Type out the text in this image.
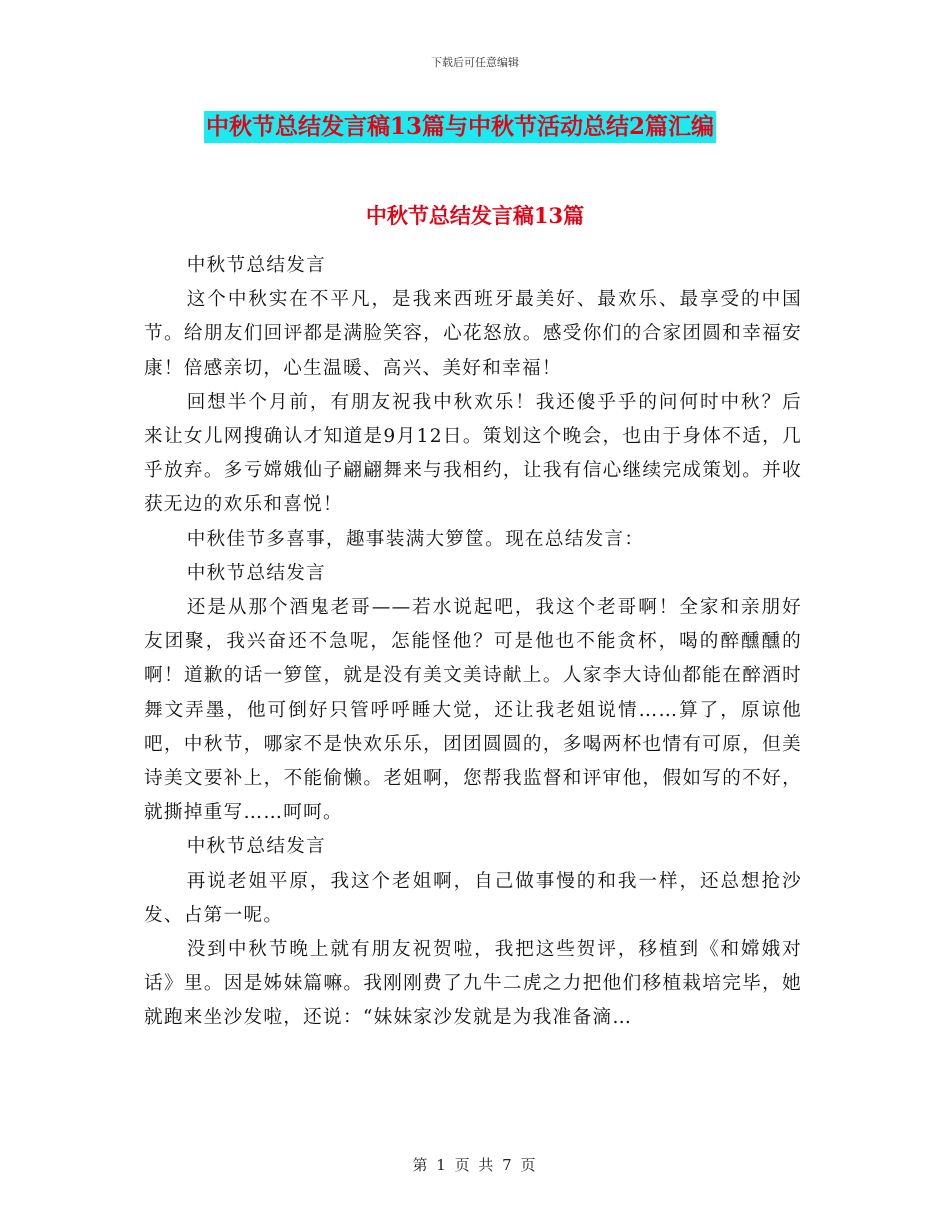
下载后可任意编辑
中秋节总结发言稿13篇与中秋节活动总结2篇汇编
中秋节总结发言稿13篇

中秋节总结发言

这个中秋实在不平凡，是我来西班牙最美好、最欢乐、最享受的中国节。给朋友们回评都是满脸笑容，心花怒放。感受你们的合家团圆和幸福安康！倍感亲切，心生温暖、高兴、美好和幸福！

回想半个月前，有朋友祝我中秋欢乐！我还傻乎乎的问何时中秋？后来让女儿网搜确认才知道是9月12日。策划这个晚会，也由于身体不适，几乎放弃。多亏嫦娥仙子翩翩舞来与我相约，让我有信心继续完成策划。并收获无边的欢乐和喜悦！

中秋佳节多喜事，趣事装满大箩筐。现在总结发言：

中秋节总结发言

还是从那个酒鬼老哥——若水说起吧，我这个老哥啊！全家和亲朋好友团聚，我兴奋还不急呢，怎能怪他？可是他也不能贪杯，喝的醉醺醺的啊！道歉的话一箩筐，就是没有美文美诗献上。人家李大诗仙都能在醉酒时舞文弄墨，他可倒好只管呼呼睡大觉，还让我老姐说情……算了，原谅他吧，中秋节，哪家不是快欢乐乐，团团圆圆的，多喝两杯也情有可原，但美诗美文要补上，不能偷懒。老姐啊，您帮我监督和评审他，假如写的不好，就撕掉重写……呵呵。

中秋节总结发言

再说老姐平原，我这个老姐啊，自己做事慢的和我一样，还总想抢沙发、占第一呢。

没到中秋节晚上就有朋友祝贺啦，我把这些贺评，移植到《和嫦娥对话》里。因是姊妹篇嘛。我刚刚费了九牛二虎之力把他们移植栽培完毕，她就跑来坐沙发啦，还说：“妹妹家沙发就是为我准备滴…

第 1 页 共 7 页
